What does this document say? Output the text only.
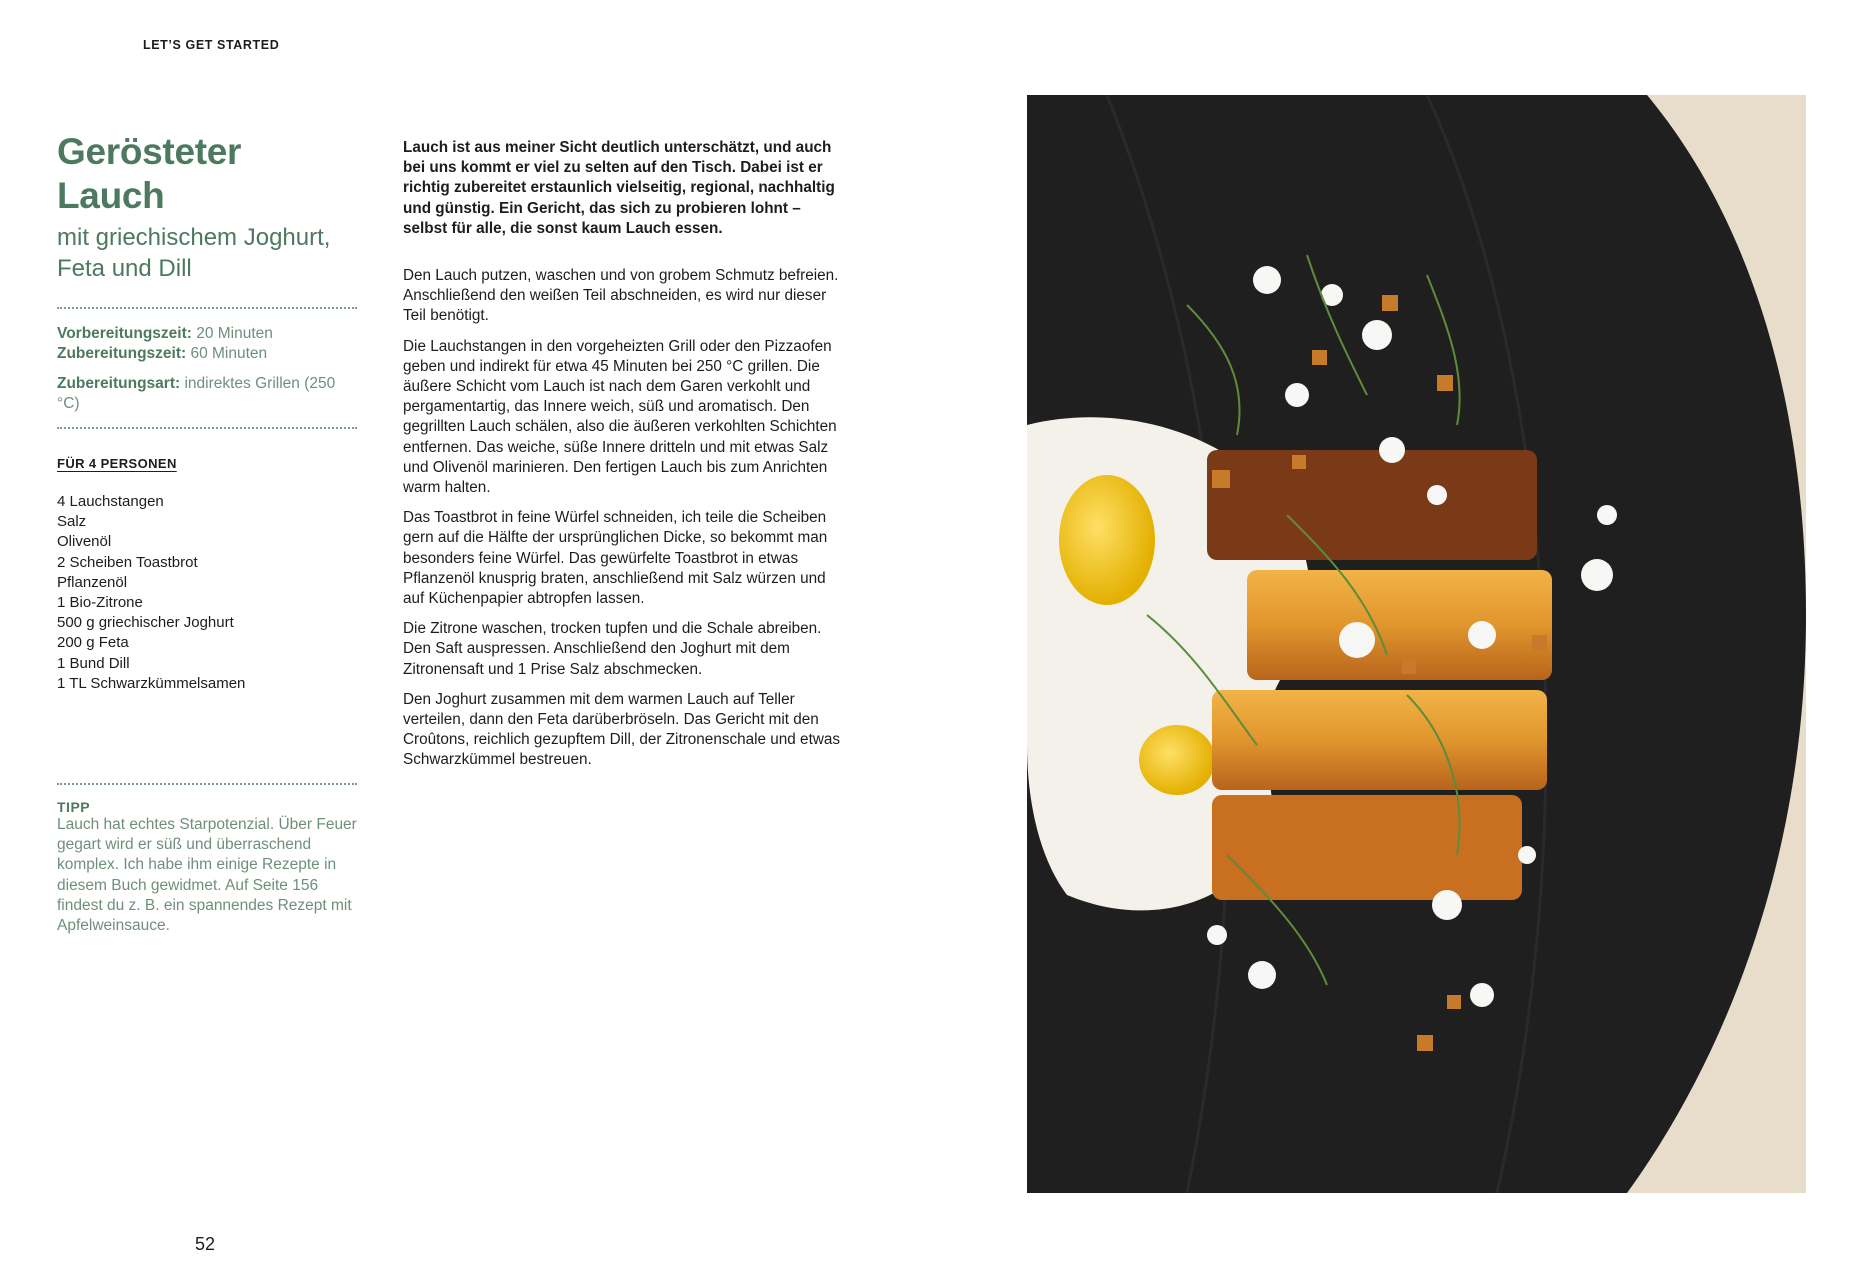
LET’S GET STARTED
Gerösteter Lauch
mit griechischem Joghurt,
Feta und Dill
Vorbereitungszeit: 20 Minuten
Zubereitungszeit: 60 Minuten
Zubereitungsart: indirektes Grillen (250 °C)
FÜR 4 PERSONEN
4 Lauchstangen
Salz
Olivenöl
2 Scheiben Toastbrot
Pflanzenöl
1 Bio-Zitrone
500 g griechischer Joghurt
200 g Feta
1 Bund Dill
1 TL Schwarzkümmelsamen
TIPP

Lauch hat echtes Starpotenzial. Über Feuer gegart wird er süß und überraschend komplex. Ich habe ihm einige Rezepte in diesem Buch gewidmet. Auf Seite 156 findest du z. B. ein spannendes Rezept mit Apfelweinsauce.

Lauch ist aus meiner Sicht deutlich unterschätzt, und auch bei uns kommt er viel zu selten auf den Tisch. Dabei ist er richtig zubereitet erstaunlich vielseitig, regional, nachhaltig und günstig. Ein Gericht, das sich zu probieren lohnt – selbst für alle, die sonst kaum Lauch essen.

Den Lauch putzen, waschen und von grobem Schmutz befreien. Anschließend den weißen Teil abschneiden, es wird nur dieser Teil benötigt.

Die Lauchstangen in den vorgeheizten Grill oder den Pizzaofen geben und indirekt für etwa 45 Minuten bei 250 °C grillen. Die äußere Schicht vom Lauch ist nach dem Garen verkohlt und pergamentartig, das Innere weich, süß und aromatisch. Den gegrillten Lauch schälen, also die äußeren verkohlten Schichten entfernen. Das weiche, süße Innere dritteln und mit etwas Salz und Olivenöl marinieren. Den fertigen Lauch bis zum Anrichten warm halten.

Das Toastbrot in feine Würfel schneiden, ich teile die Scheiben gern auf die Hälfte der ursprünglichen Dicke, so bekommt man besonders feine Würfel. Das gewürfelte Toastbrot in etwas Pflanzenöl knusprig braten, anschließend mit Salz würzen und auf Küchenpapier abtropfen lassen.

Die Zitrone waschen, trocken tupfen und die Schale abreiben. Den Saft auspressen. Anschließend den Joghurt mit dem Zitronensaft und 1 Prise Salz abschmecken.

Den Joghurt zusammen mit dem warmen Lauch auf Teller verteilen, dann den Feta darüberbröseln. Das Gericht mit den Croûtons, reichlich gezupftem Dill, der Zitronenschale und etwas Schwarzkümmel bestreuen.

52
